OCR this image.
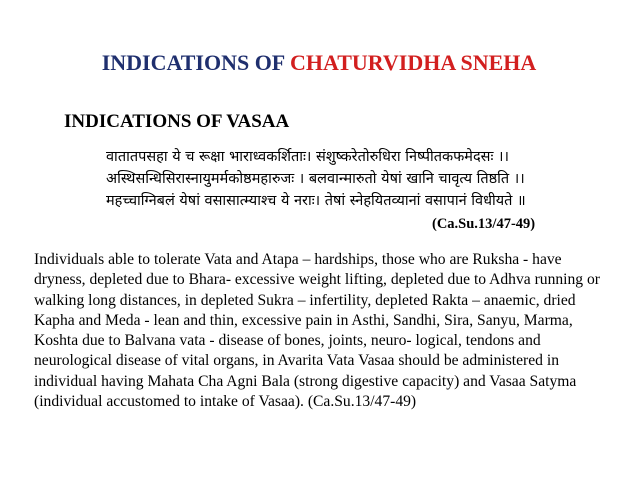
INDICATIONS OF CHATURVIDHA SNEHA
INDICATIONS OF VASAA
वातातपसहा ये च रूक्षा भाराध्वकर्शिताः। संशुष्करेतोरुधिरा निष्पीतकफमेदसः ।।
अस्थिसन्धिसिरास्नायुमर्मकोष्ठमहारुजः । बलवान्मारुतो येषां खानि चावृत्य तिष्ठति ।।
महच्चाग्निबलं येषां वसासात्म्याश्च ये नराः। तेषां स्नेहयितव्यानां वसापानं विधीयते ॥
(Ca.Su.13/47-49)
Individuals able to tolerate Vata and Atapa – hardships, those who are Ruksha - have dryness, depleted due to Bhara- excessive weight lifting, depleted due to Adhva running or walking long distances, in depleted Sukra – infertility, depleted Rakta – anaemic, dried Kapha and Meda - lean and thin, excessive pain in Asthi, Sandhi, Sira, Sanyu, Marma, Koshta due to Balvana vata - disease of bones, joints, neuro- logical, tendons and neurological disease of vital organs, in Avarita Vata Vasaa should be administered in individual having Mahata Cha Agni Bala (strong digestive capacity) and Vasaa Satyma (individual accustomed to intake of Vasaa). (Ca.Su.13/47-49)
